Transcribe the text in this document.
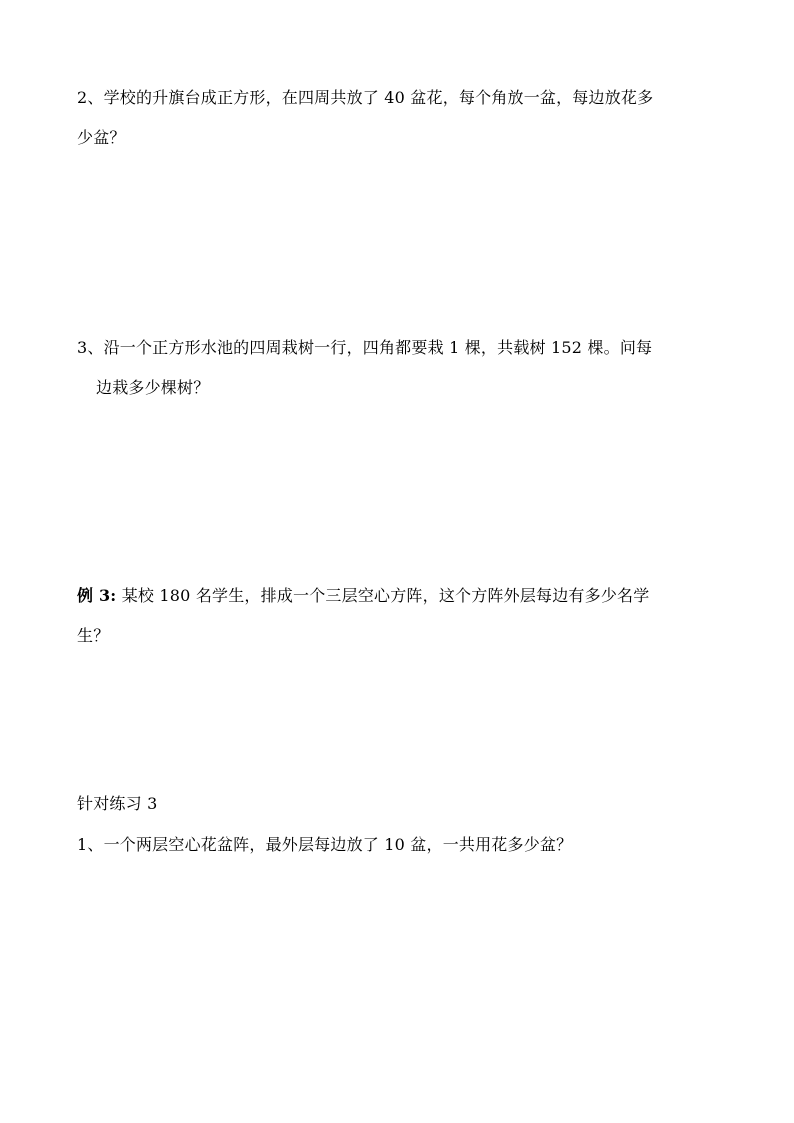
2、学校的升旗台成正方形，在四周共放了 40 盆花，每个角放一盆，每边放花多
少盆？
3、沿一个正方形水池的四周栽树一行，四角都要栽 1 棵，共载树 152 棵。问每
边栽多少棵树？
例 3: 某校 180 名学生，排成一个三层空心方阵，这个方阵外层每边有多少名学
生？
针对练习 3
1、一个两层空心花盆阵，最外层每边放了 10 盆，一共用花多少盆？
